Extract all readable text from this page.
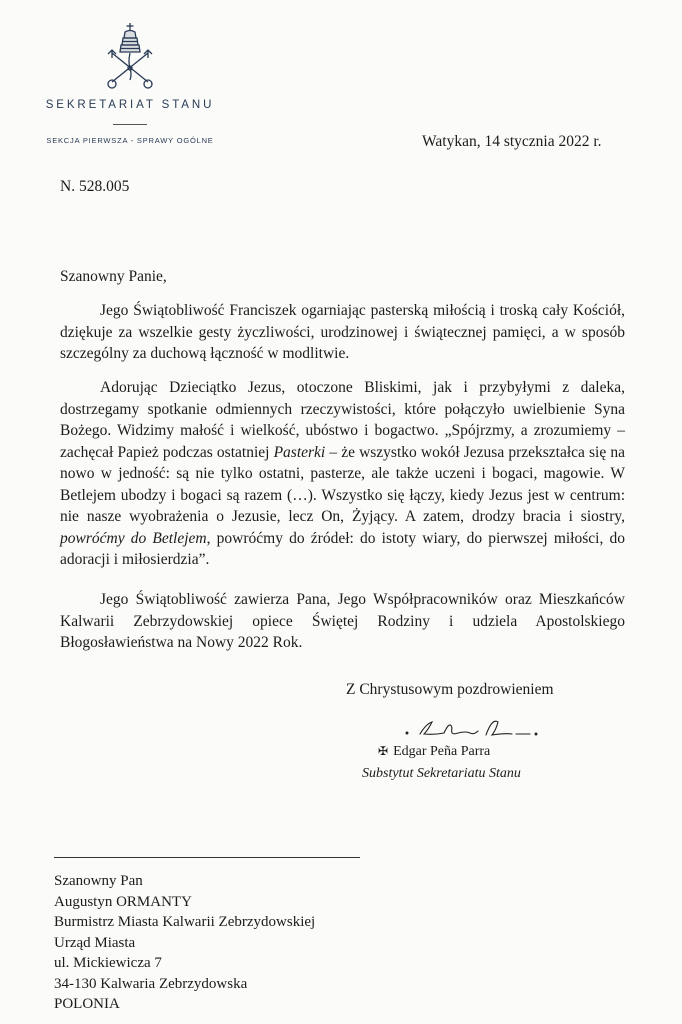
SEKRETARIAT STANU
SEKCJA PIERWSZA - SPRAWY OGÓLNE	Watykan, 14 stycznia 2022 r.
N. 528.005
Szanowny Panie,

Jego Świątobliwość Franciszek ogarniając pasterską miłością i troską cały Kościół, dziękuje za wszelkie gesty życzliwości, urodzinowej i świątecznej pamięci, a w sposób szczególny za duchową łączność w modlitwie.

Adorując Dzieciątko Jezus, otoczone Bliskimi, jak i przybyłymi z daleka, dostrzegamy spotkanie odmiennych rzeczywistości, które połączyło uwielbienie Syna Bożego. Widzimy małość i wielkość, ubóstwo i bogactwo. „Spójrzmy, a zrozumiemy – zachęcał Papież podczas ostatniej Pasterki – że wszystko wokół Jezusa przekształca się na nowo w jedność: są nie tylko ostatni, pasterze, ale także uczeni i bogaci, magowie. W Betlejem ubodzy i bogaci są razem (…). Wszystko się łączy, kiedy Jezus jest w centrum: nie nasze wyobrażenia o Jezusie, lecz On, Żyjący. A zatem, drodzy bracia i siostry, powróćmy do Betlejem, powróćmy do źródeł: do istoty wiary, do pierwszej miłości, do adoracji i miłosierdzia”.

Jego Świątobliwość zawierza Pana, Jego Współpracowników oraz Mieszkańców Kalwarii Zebrzydowskiej opiece Świętej Rodziny i udziela Apostolskiego Błogosławieństwa na Nowy 2022 Rok.

Z Chrystusowym pozdrowieniem
✠ Edgar Peña Parra
Substytut Sekretariatu Stanu
Szanowny Pan
Augustyn ORMANTY
Burmistrz Miasta Kalwarii Zebrzydowskiej
Urząd Miasta
ul. Mickiewicza 7
34-130 Kalwaria Zebrzydowska
POLONIA
